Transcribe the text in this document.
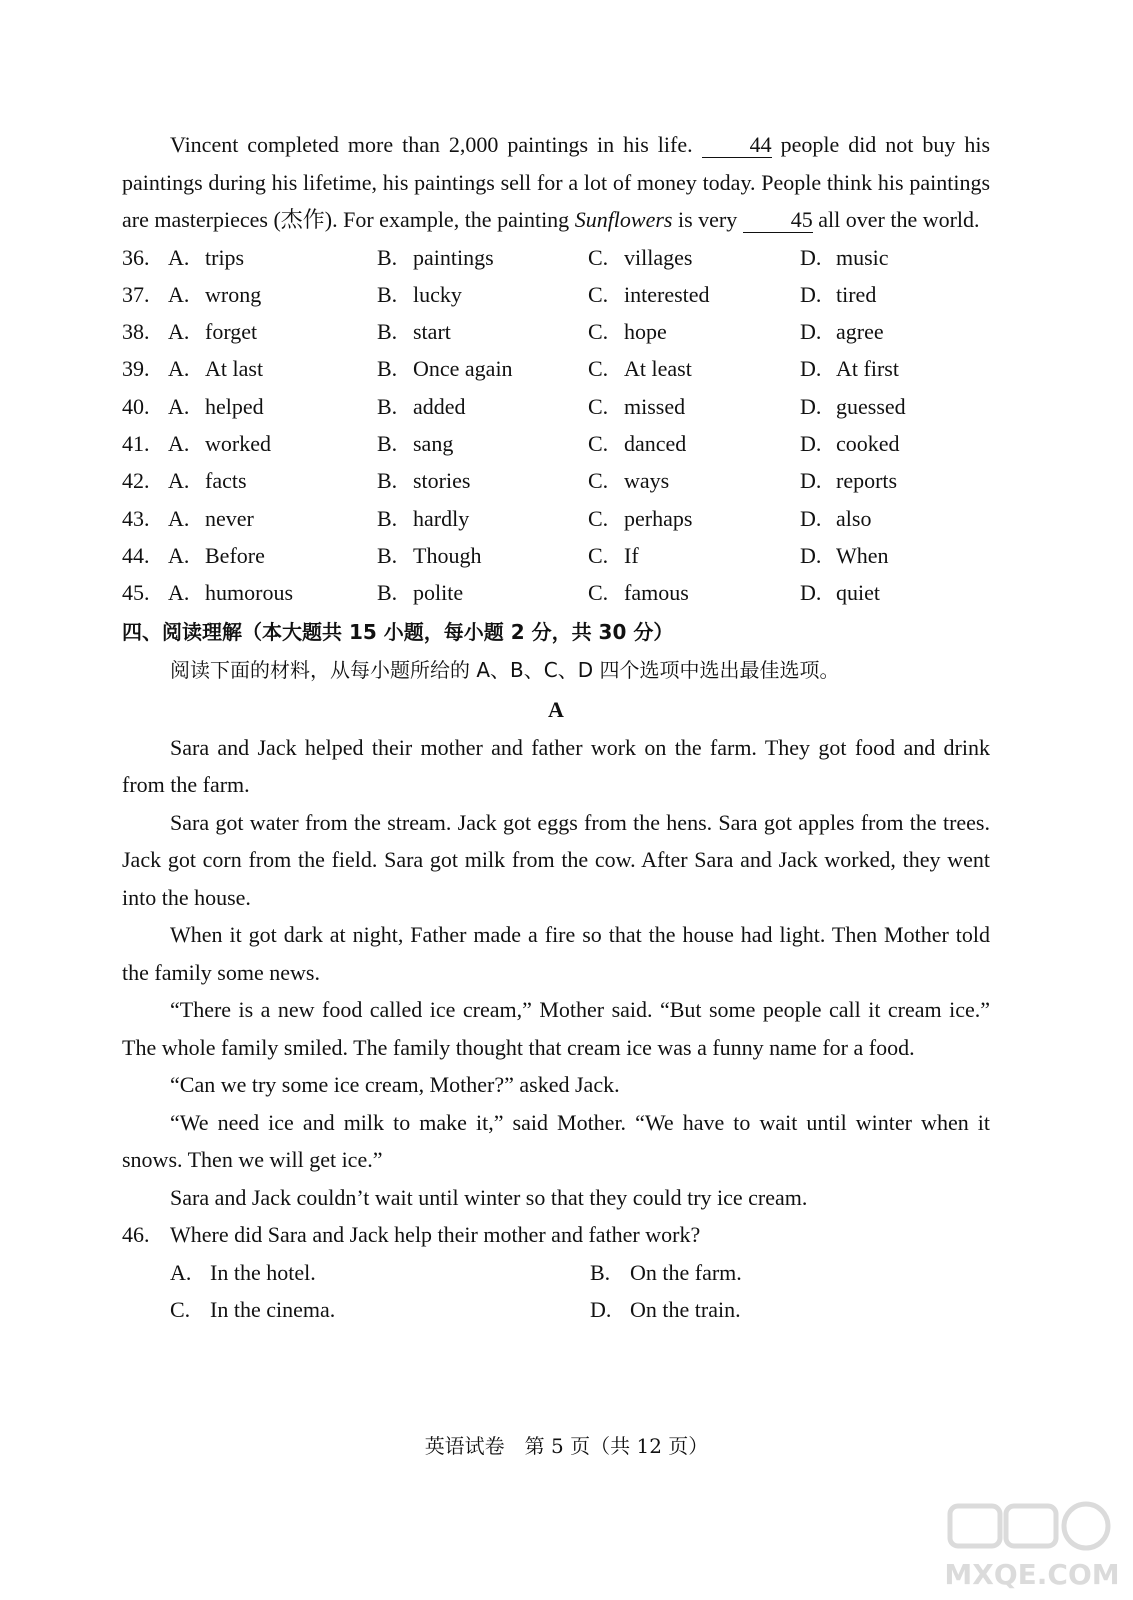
Vincent completed more than 2,000 paintings in his life.	44 people did not buy his paintings during his lifetime, his paintings sell for a lot of money today. People think his paintings are masterpieces (杰作). For example, the painting Sunflowers is very 45 all over the world.

36. A. trips	B. paintings	C. villages	D. music
37. A. wrong	B. lucky	C. interested	D. tired
38. A. forget	B. start	C. hope	D. agree
39. A. At last	B. Once again	C. At least	D. At first
40. A. helped	B. added	C. missed	D. guessed
41. A. worked	B. sang	C. danced	D. cooked
42. A. facts	B. stories	C. ways	D. reports
43. A. never	B. hardly	C. perhaps	D. also
44. A. Before	B. Though	C. If	D. When
45. A. humorous	B. polite	C. famous	D. quiet
四、阅读理解（本大题共 15 小题，每小题 2 分，共 30 分）

阅读下面的材料，从每小题所给的 A、B、C、D 四个选项中选出最佳选项。

A

Sara and Jack helped their mother and father work on the farm. They got food and drink from the farm.

Sara got water from the stream. Jack got eggs from the hens. Sara got apples from the trees. Jack got corn from the field. Sara got milk from the cow. After Sara and Jack worked, they went into the house.

When it got dark at night, Father made a fire so that the house had light. Then Mother told the family some news.

“There is a new food called ice cream,” Mother said. “But some people call it cream ice.” The whole family smiled. The family thought that cream ice was a funny name for a food.

“Can we try some ice cream, Mother?” asked Jack.

“We need ice and milk to make it,” said Mother. “We have to wait until winter when it snows. Then we will get ice.”

Sara and Jack couldn’t wait until winter so that they could try ice cream.

46. Where did Sara and Jack help their mother and father work?
A. In the hotel.	B. On the farm.
C. In the cinema.	D. On the train.
英语试卷　第 5 页（共 12 页）
MXQE.COM
